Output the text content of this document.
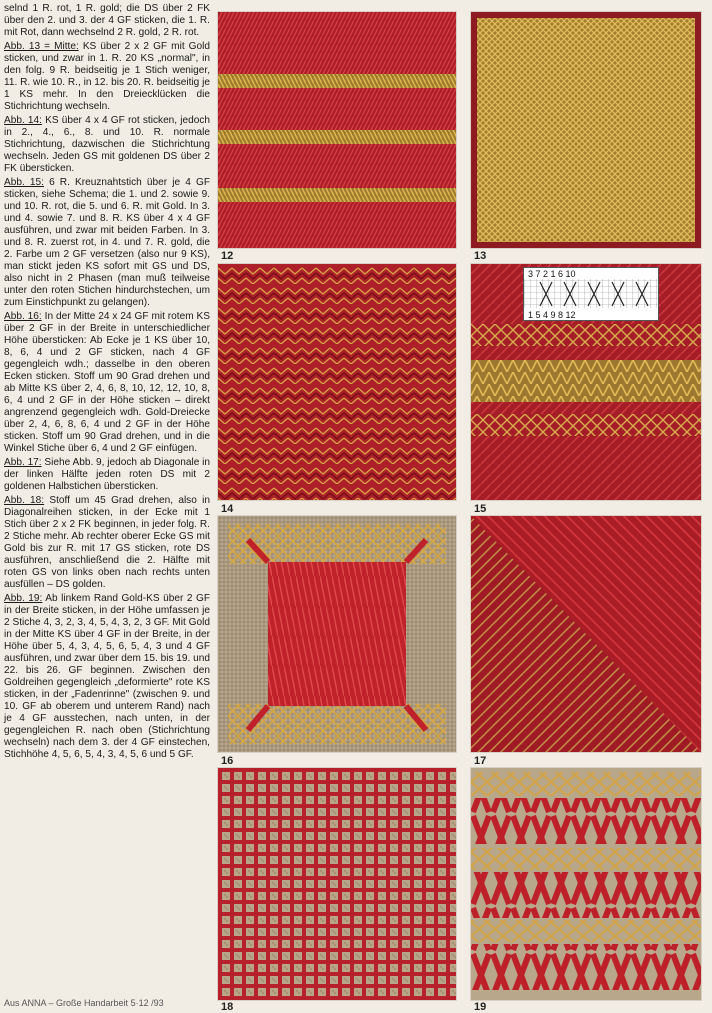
selnd 1 R. rot, 1 R. gold; die DS über 2 FK über den 2. und 3. der 4 GF sticken, die 1. R. mit Rot, dann wechselnd 2 R. gold, 2 R. rot.

Abb. 13 = Mitte: KS über 2 x 2 GF mit Gold sticken, und zwar in 1. R. 20 KS „normal", in den folg. 9 R. beidseitig je 1 Stich weniger, 11. R. wie 10. R., in 12. bis 20. R. beidseitig je 1 KS mehr. In den Dreiecklücken die Stichrichtung wechseln.

Abb. 14: KS über 4 x 4 GF rot sticken, jedoch in 2., 4., 6., 8. und 10. R. normale Stichrichtung, dazwischen die Stichrichtung wechseln. Jeden GS mit goldenen DS über 2 FK übersticken.

Abb. 15: 6 R. Kreuznahtstich über je 4 GF sticken, siehe Schema; die 1. und 2. sowie 9. und 10. R. rot, die 5. und 6. R. mit Gold. In 3. und 4. sowie 7. und 8. R. KS über 4 x 4 GF ausführen, und zwar mit beiden Farben. In 3. und 8. R. zuerst rot, in 4. und 7. R. gold, die 2. Farbe um 2 GF versetzen (also nur 9 KS), man stickt jeden KS sofort mit GS und DS, also nicht in 2 Phasen (man muß teilweise unter den roten Stichen hindurchstechen, um zum Einstichpunkt zu gelangen).

Abb. 16: In der Mitte 24 x 24 GF mit rotem KS über 2 GF in der Breite in unterschiedlicher Höhe übersticken: Ab Ecke je 1 KS über 10, 8, 6, 4 und 2 GF sticken, nach 4 GF gegengleich wdh.; dasselbe in den oberen Ecken sticken. Stoff um 90 Grad drehen und ab Mitte KS über 2, 4, 6, 8, 10, 12, 12, 10, 8, 6, 4 und 2 GF in der Höhe sticken – direkt angrenzend gegengleich wdh. Gold-Dreiecke über 2, 4, 6, 8, 6, 4 und 2 GF in der Höhe sticken. Stoff um 90 Grad drehen, und in die Winkel Stiche über 6, 4 und 2 GF einfügen.

Abb. 17: Siehe Abb. 9, jedoch ab Diagonale in der linken Hälfte jeden roten DS mit 2 goldenen Halbstichen übersticken.

Abb. 18: Stoff um 45 Grad drehen, also in Diagonalreihen sticken, in der Ecke mit 1 Stich über 2 x 2 FK beginnen, in jeder folg. R. 2 Stiche mehr. Ab rechter oberer Ecke GS mit Gold bis zur R. mit 17 GS sticken, rote DS ausführen, anschließend die 2. Hälfte mit roten GS von links oben nach rechts unten ausfüllen – DS golden.

Abb. 19: Ab linkem Rand Gold-KS über 2 GF in der Breite sticken, in der Höhe umfassen je 2 Stiche 4, 3, 2, 3, 4, 5, 4, 3, 2, 3 GF. Mit Gold in der Mitte KS über 4 GF in der Breite, in der Höhe über 5, 4, 3, 4, 5, 6, 5, 4, 3 und 4 GF ausführen, und zwar über dem 15. bis 19. und 22. bis 26. GF beginnen. Zwischen den Goldreihen gegengleich „deformierte" rote KS sticken, in der „Fadenrinne" (zwischen 9. und 10. GF ab oberem und unterem Rand) nach je 4 GF ausstechen, nach unten, in der gegengleichen R. nach oben (Stichrichtung wechseln) nach dem 3. der 4 GF einstechen, Stichhöhe 4, 5, 6, 5, 4, 3, 4, 5, 6 und 5 GF.

12	13
14
3 7 2 1 6 10
1 5 4 9 8 12
15
16	17
18	19
Aus ANNA – Große Handarbeit 5·12 /93
